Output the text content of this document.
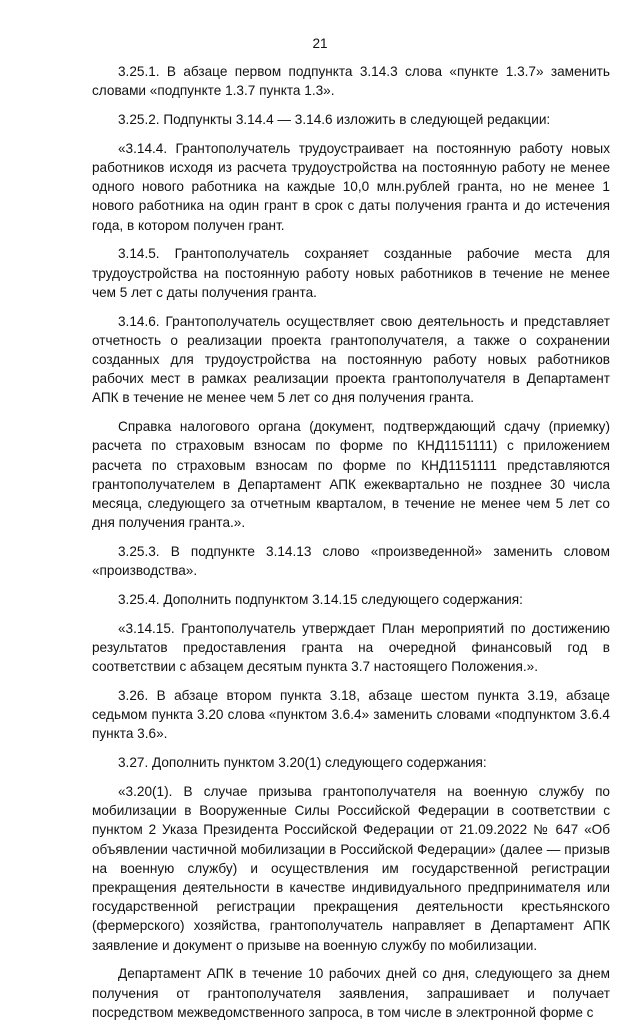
21

3.25.1. В абзаце первом подпункта 3.14.3 слова «пункте 1.3.7» заменить словами «подпункте 1.3.7 пункта 1.3».

3.25.2. Подпункты 3.14.4 — 3.14.6 изложить в следующей редакции:

«3.14.4. Грантополучатель трудоустраивает на постоянную работу новых работников исходя из расчета трудоустройства на постоянную работу не менее одного нового работника на каждые 10,0 млн.рублей гранта, но не менее 1 нового работника на один грант в срок с даты получения гранта и до истечения года, в котором получен грант.

3.14.5. Грантополучатель сохраняет созданные рабочие места для трудоустройства на постоянную работу новых работников в течение не менее чем 5 лет с даты получения гранта.

3.14.6. Грантополучатель осуществляет свою деятельность и представляет отчетность о реализации проекта грантополучателя, а также о сохранении созданных для трудоустройства на постоянную работу новых работников рабочих мест в рамках реализации проекта грантополучателя в Департамент АПК в течение не менее чем 5 лет со дня получения гранта.

Справка налогового органа (документ, подтверждающий сдачу (приемку) расчета по страховым взносам по форме по КНД1151111) с приложением расчета по страховым взносам по форме по КНД1151111 представляются грантополучателем в Департамент АПК ежеквартально не позднее 30 числа месяца, следующего за отчетным кварталом, в течение не менее чем 5 лет со дня получения гранта.».

3.25.3. В подпункте 3.14.13 слово «произведенной» заменить словом «производства».

3.25.4. Дополнить подпунктом 3.14.15 следующего содержания:

«3.14.15. Грантополучатель утверждает План мероприятий по достижению результатов предоставления гранта на очередной финансовый год в соответствии с абзацем десятым пункта 3.7 настоящего Положения.».

3.26. В абзаце втором пункта 3.18, абзаце шестом пункта 3.19, абзаце седьмом пункта 3.20 слова «пунктом 3.6.4» заменить словами «подпунктом 3.6.4 пункта 3.6».

3.27. Дополнить пунктом 3.20(1) следующего содержания:

«3.20(1). В случае призыва грантополучателя на военную службу по мобилизации в Вооруженные Силы Российской Федерации в соответствии с пунктом 2 Указа Президента Российской Федерации от 21.09.2022 № 647 «Об объявлении частичной мобилизации в Российской Федерации» (далее — призыв на военную службу) и осуществления им государственной регистрации прекращения деятельности в качестве индивидуального предпринимателя или государственной регистрации прекращения деятельности крестьянского (фермерского) хозяйства, грантополучатель направляет в Департамент АПК заявление и документ о призыве на военную службу по мобилизации.

Департамент АПК в течение 10 рабочих дней со дня, следующего за днем получения от грантополучателя заявления, запрашивает и получает посредством межведомственного запроса, в том числе в электронной форме с
